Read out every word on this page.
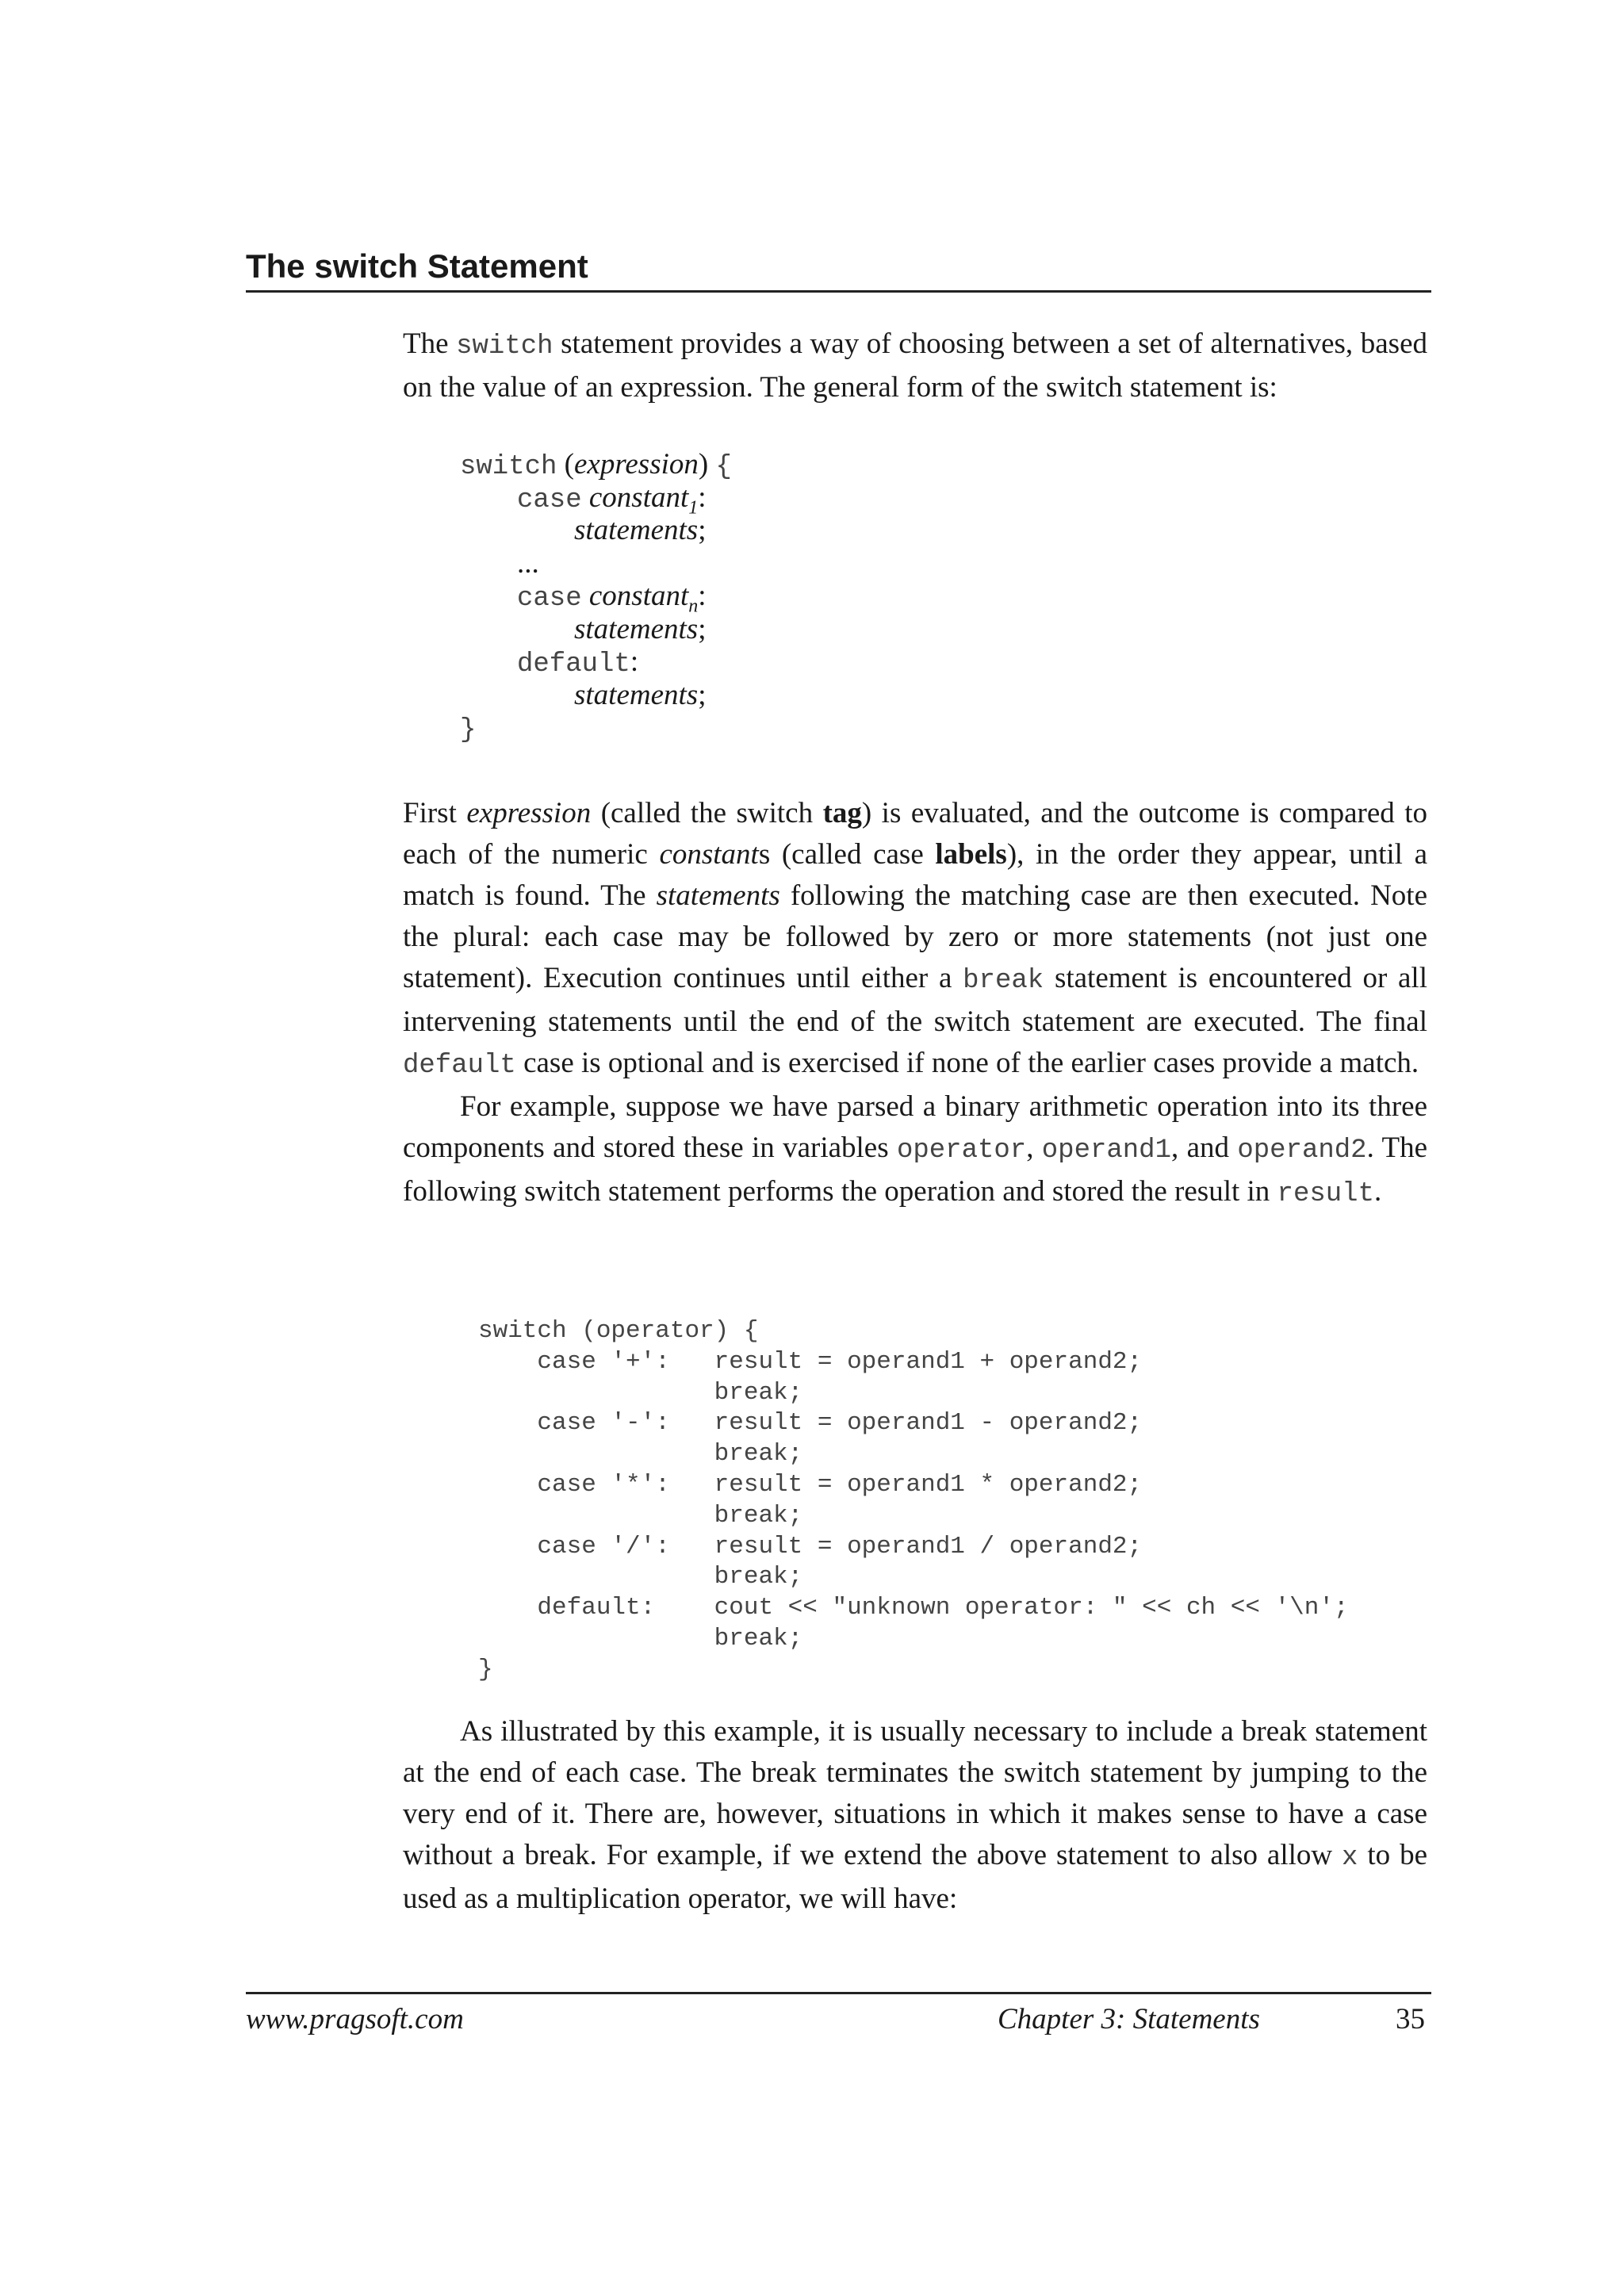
The switch Statement

The switch statement provides a way of choosing between a set of alternatives, based on the value of an expression. The general form of the switch statement is:

switch (expression) {
case constant$_1$:
statements;
...
case constant$_n$:
statements;
default:
statements;
}

First expression (called the switch tag) is evaluated, and the outcome is compared to each of the numeric constants (called case labels), in the order they appear, until a match is found. The statements following the matching case are then executed. Note the plural: each case may be followed by zero or more statements (not just one statement). Execution continues until either a break statement is encountered or all intervening statements until the end of the switch statement are executed. The final default case is optional and is exercised if none of the earlier cases provide a match.

For example, suppose we have parsed a binary arithmetic operation into its three components and stored these in variables operator, operand1, and operand2. The following switch statement performs the operation and stored the result in result.

switch (operator) {
case '+':   result = operand1 + operand2;
break;
case '-':   result = operand1 - operand2;
break;
case '*':   result = operand1 * operand2;
break;
case '/':   result = operand1 / operand2;
break;
default:    cout << "unknown operator: " << ch << '\n';
break;
}

As illustrated by this example, it is usually necessary to include a break statement at the end of each case. The break terminates the switch statement by jumping to the very end of it. There are, however, situations in which it makes sense to have a case without a break. For example, if we extend the above statement to also allow x to be used as a multiplication operator, we will have:

www.pragsoft.com	Chapter 3: Statements	35
